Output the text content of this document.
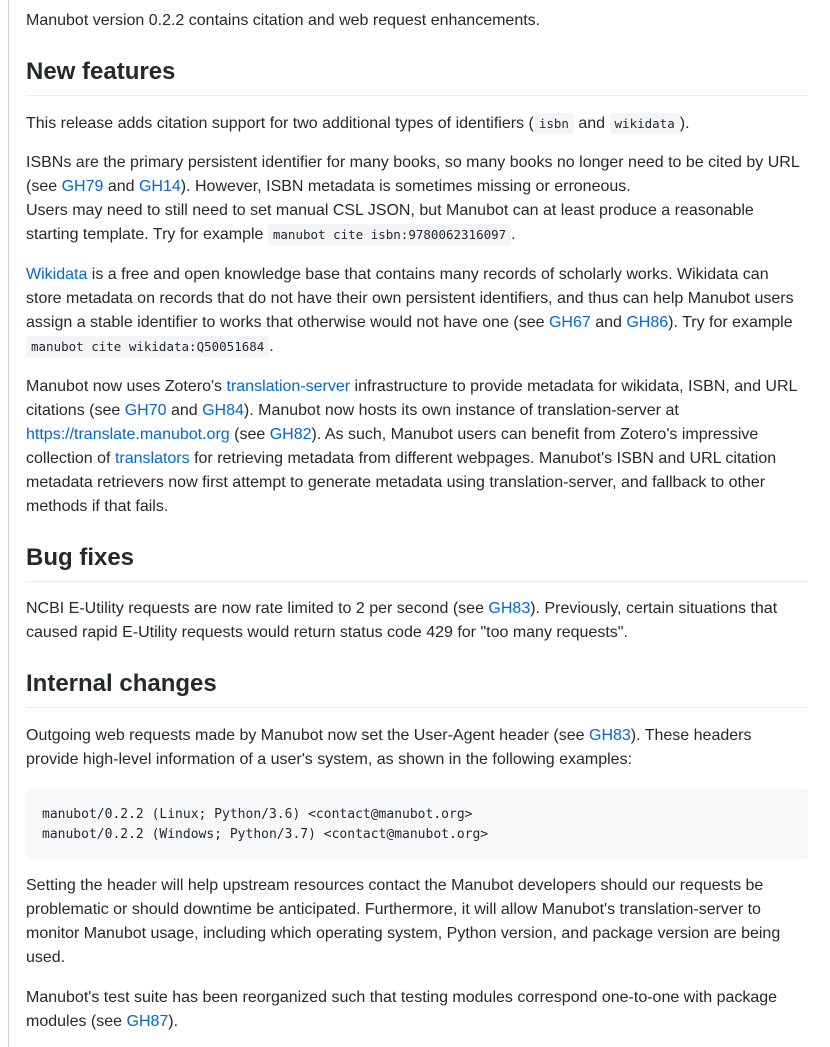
Manubot version 0.2.2 contains citation and web request enhancements.

New features

This release adds citation support for two additional types of identifiers ( isbn and wikidata ).

ISBNs are the primary persistent identifier for many books, so many books no longer need to be cited by URL (see GH79 and GH14). However, ISBN metadata is sometimes missing or erroneous.
Users may need to still need to set manual CSL JSON, but Manubot can at least produce a reasonable starting template. Try for example manubot cite isbn:9780062316097 .

Wikidata is a free and open knowledge base that contains many records of scholarly works. Wikidata can store metadata on records that do not have their own persistent identifiers, and thus can help Manubot users assign a stable identifier to works that otherwise would not have one (see GH67 and GH86). Try for example manubot cite wikidata:Q50051684 .

Manubot now uses Zotero's translation-server infrastructure to provide metadata for wikidata, ISBN, and URL citations (see GH70 and GH84). Manubot now hosts its own instance of translation-server at https://translate.manubot.org (see GH82). As such, Manubot users can benefit from Zotero's impressive collection of translators for retrieving metadata from different webpages. Manubot's ISBN and URL citation metadata retrievers now first attempt to generate metadata using translation-server, and fallback to other methods if that fails.

Bug fixes

NCBI E-Utility requests are now rate limited to 2 per second (see GH83). Previously, certain situations that caused rapid E-Utility requests would return status code 429 for "too many requests".

Internal changes

Outgoing web requests made by Manubot now set the User-Agent header (see GH83). These headers provide high-level information of a user's system, as shown in the following examples:

manubot/0.2.2 (Linux; Python/3.6) <contact@manubot.org>
manubot/0.2.2 (Windows; Python/3.7) <contact@manubot.org>

Setting the header will help upstream resources contact the Manubot developers should our requests be problematic or should downtime be anticipated. Furthermore, it will allow Manubot's translation-server to monitor Manubot usage, including which operating system, Python version, and package version are being used.

Manubot's test suite has been reorganized such that testing modules correspond one-to-one with package modules (see GH87).
